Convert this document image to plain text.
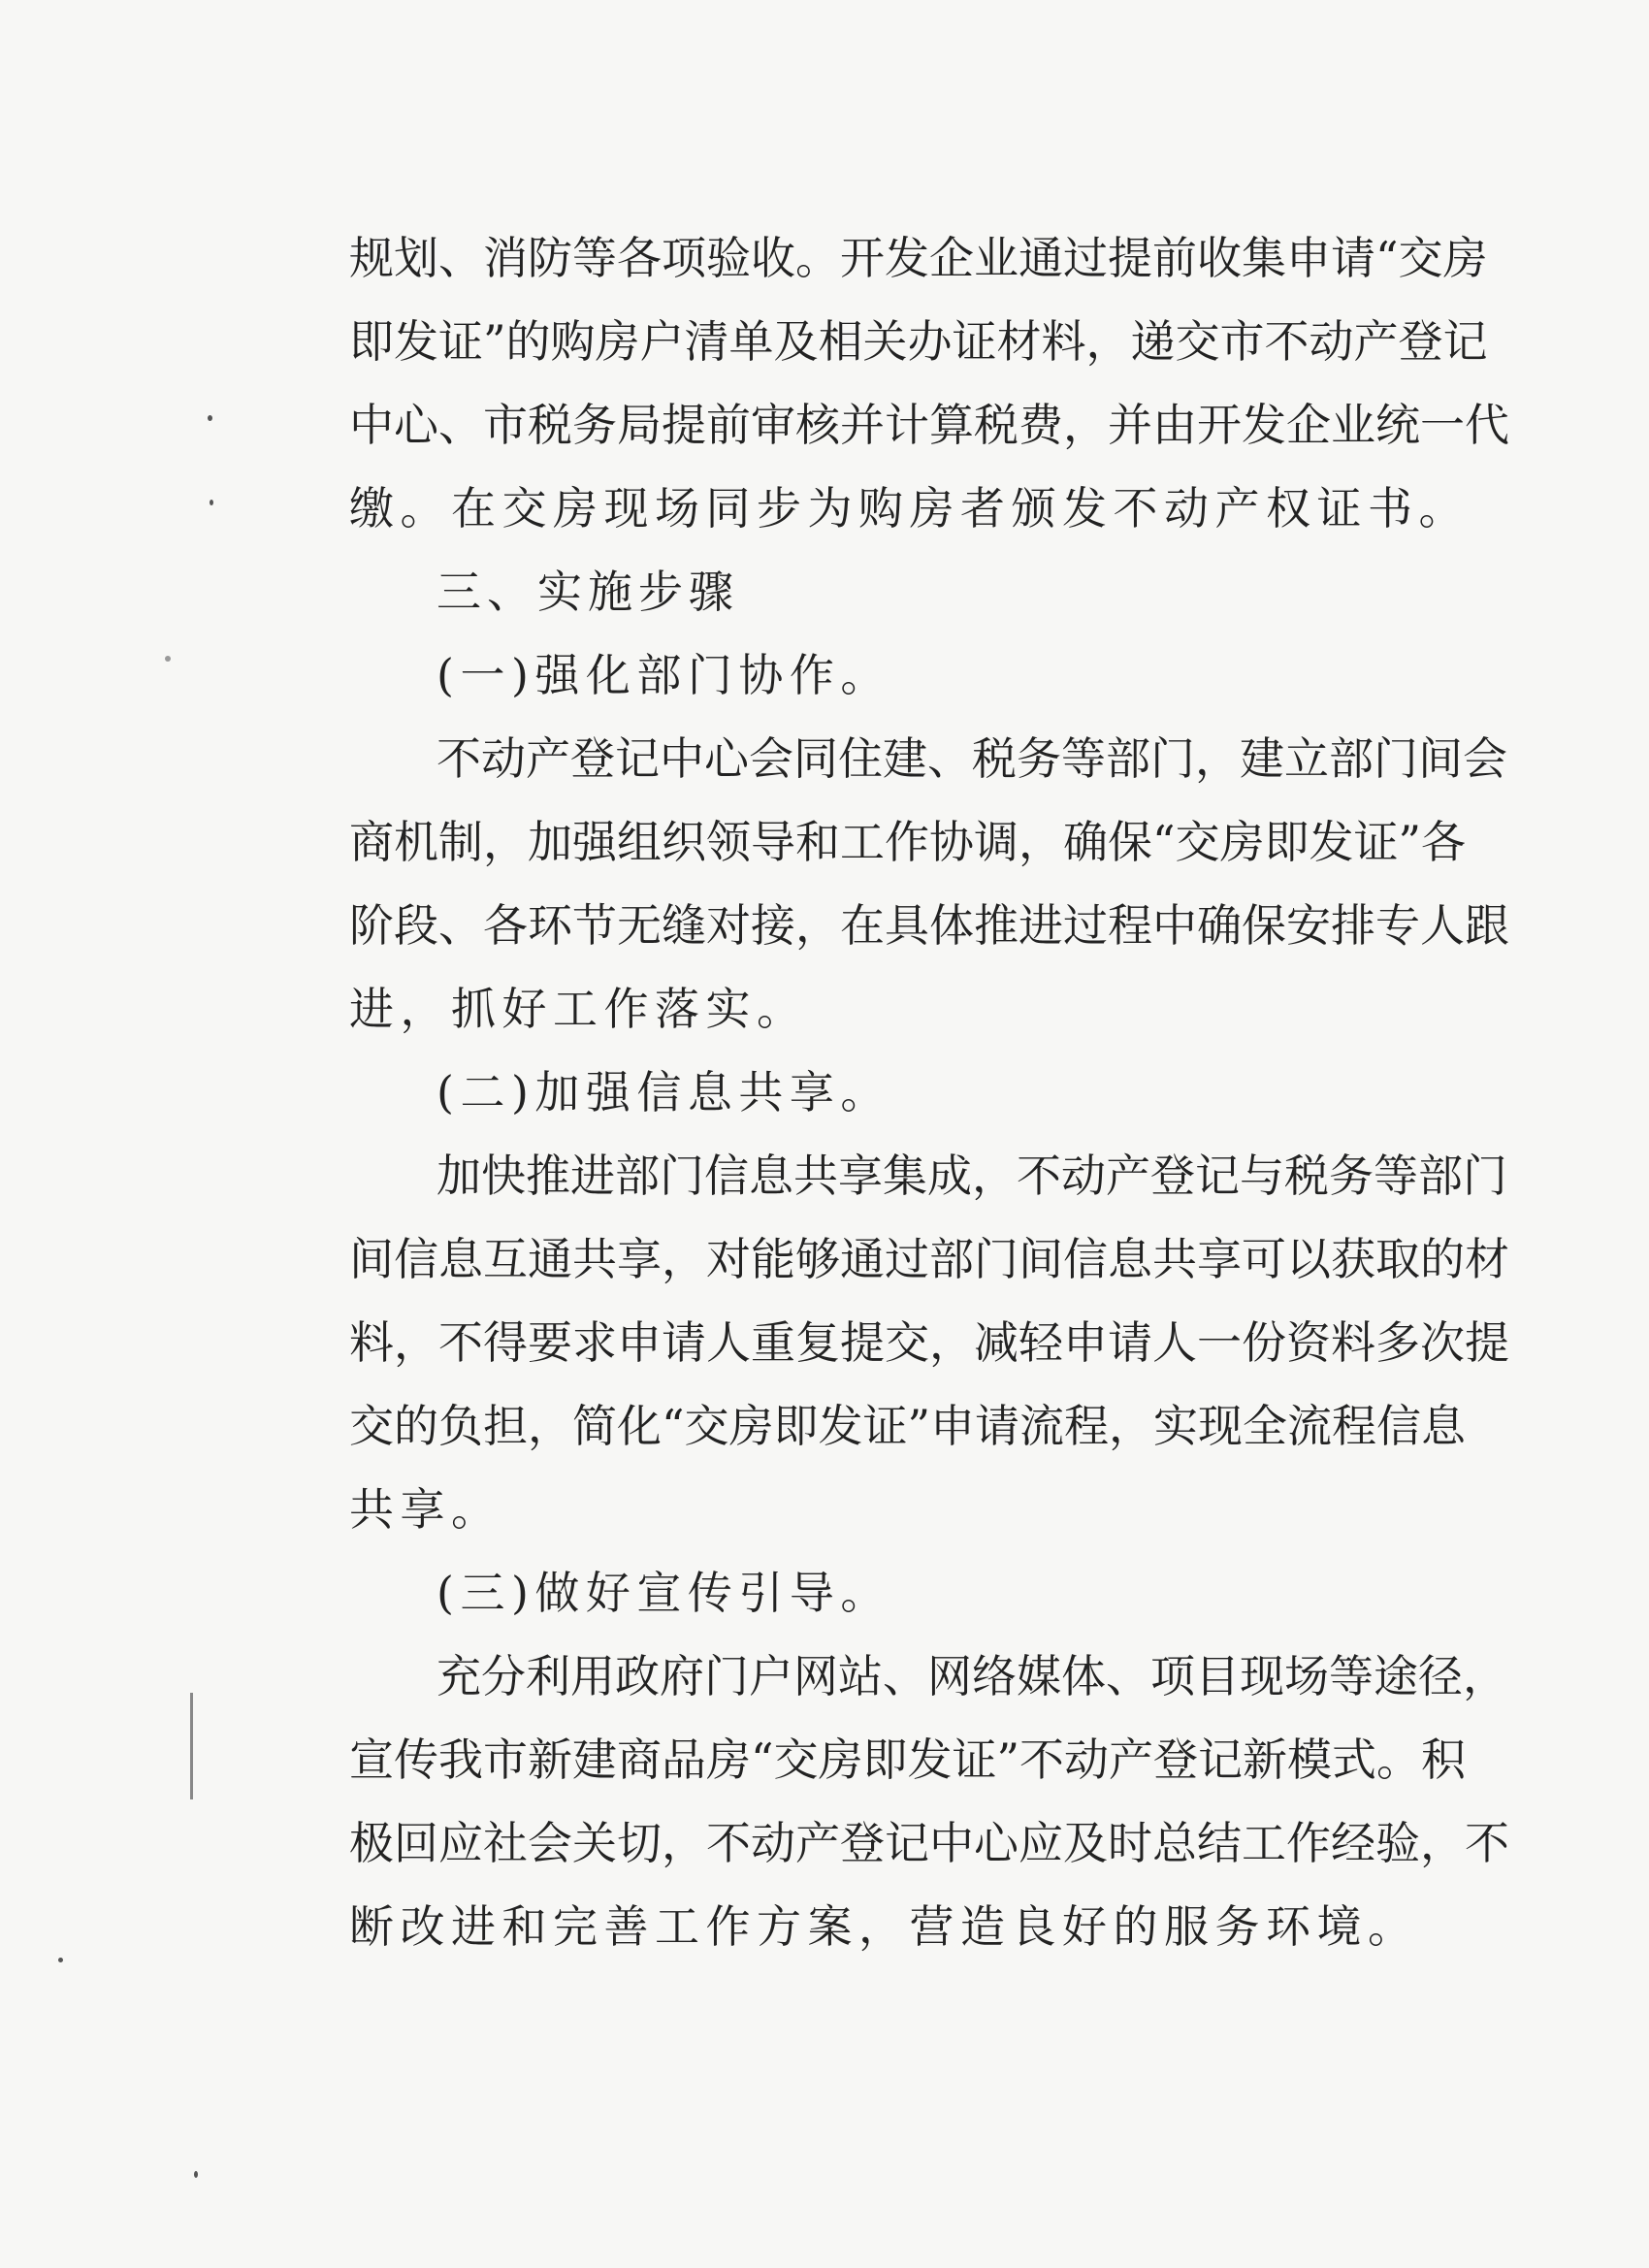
规划、消防等各项验收。开发企业通过提前收集申请“交房
即发证”的购房户清单及相关办证材料，递交市不动产登记
中心、市税务局提前审核并计算税费，并由开发企业统一代
缴。在交房现场同步为购房者颁发不动产权证书。
三、实施步骤
(一)强化部门协作。
不动产登记中心会同住建、税务等部门，建立部门间会
商机制，加强组织领导和工作协调，确保“交房即发证”各
阶段、各环节无缝对接，在具体推进过程中确保安排专人跟
进，抓好工作落实。
(二)加强信息共享。
加快推进部门信息共享集成，不动产登记与税务等部门
间信息互通共享，对能够通过部门间信息共享可以获取的材
料，不得要求申请人重复提交，减轻申请人一份资料多次提
交的负担，简化“交房即发证”申请流程，实现全流程信息
共享。
(三)做好宣传引导。
充分利用政府门户网站、网络媒体、项目现场等途径，
宣传我市新建商品房“交房即发证”不动产登记新模式。积
极回应社会关切，不动产登记中心应及时总结工作经验，不
断改进和完善工作方案，营造良好的服务环境。
